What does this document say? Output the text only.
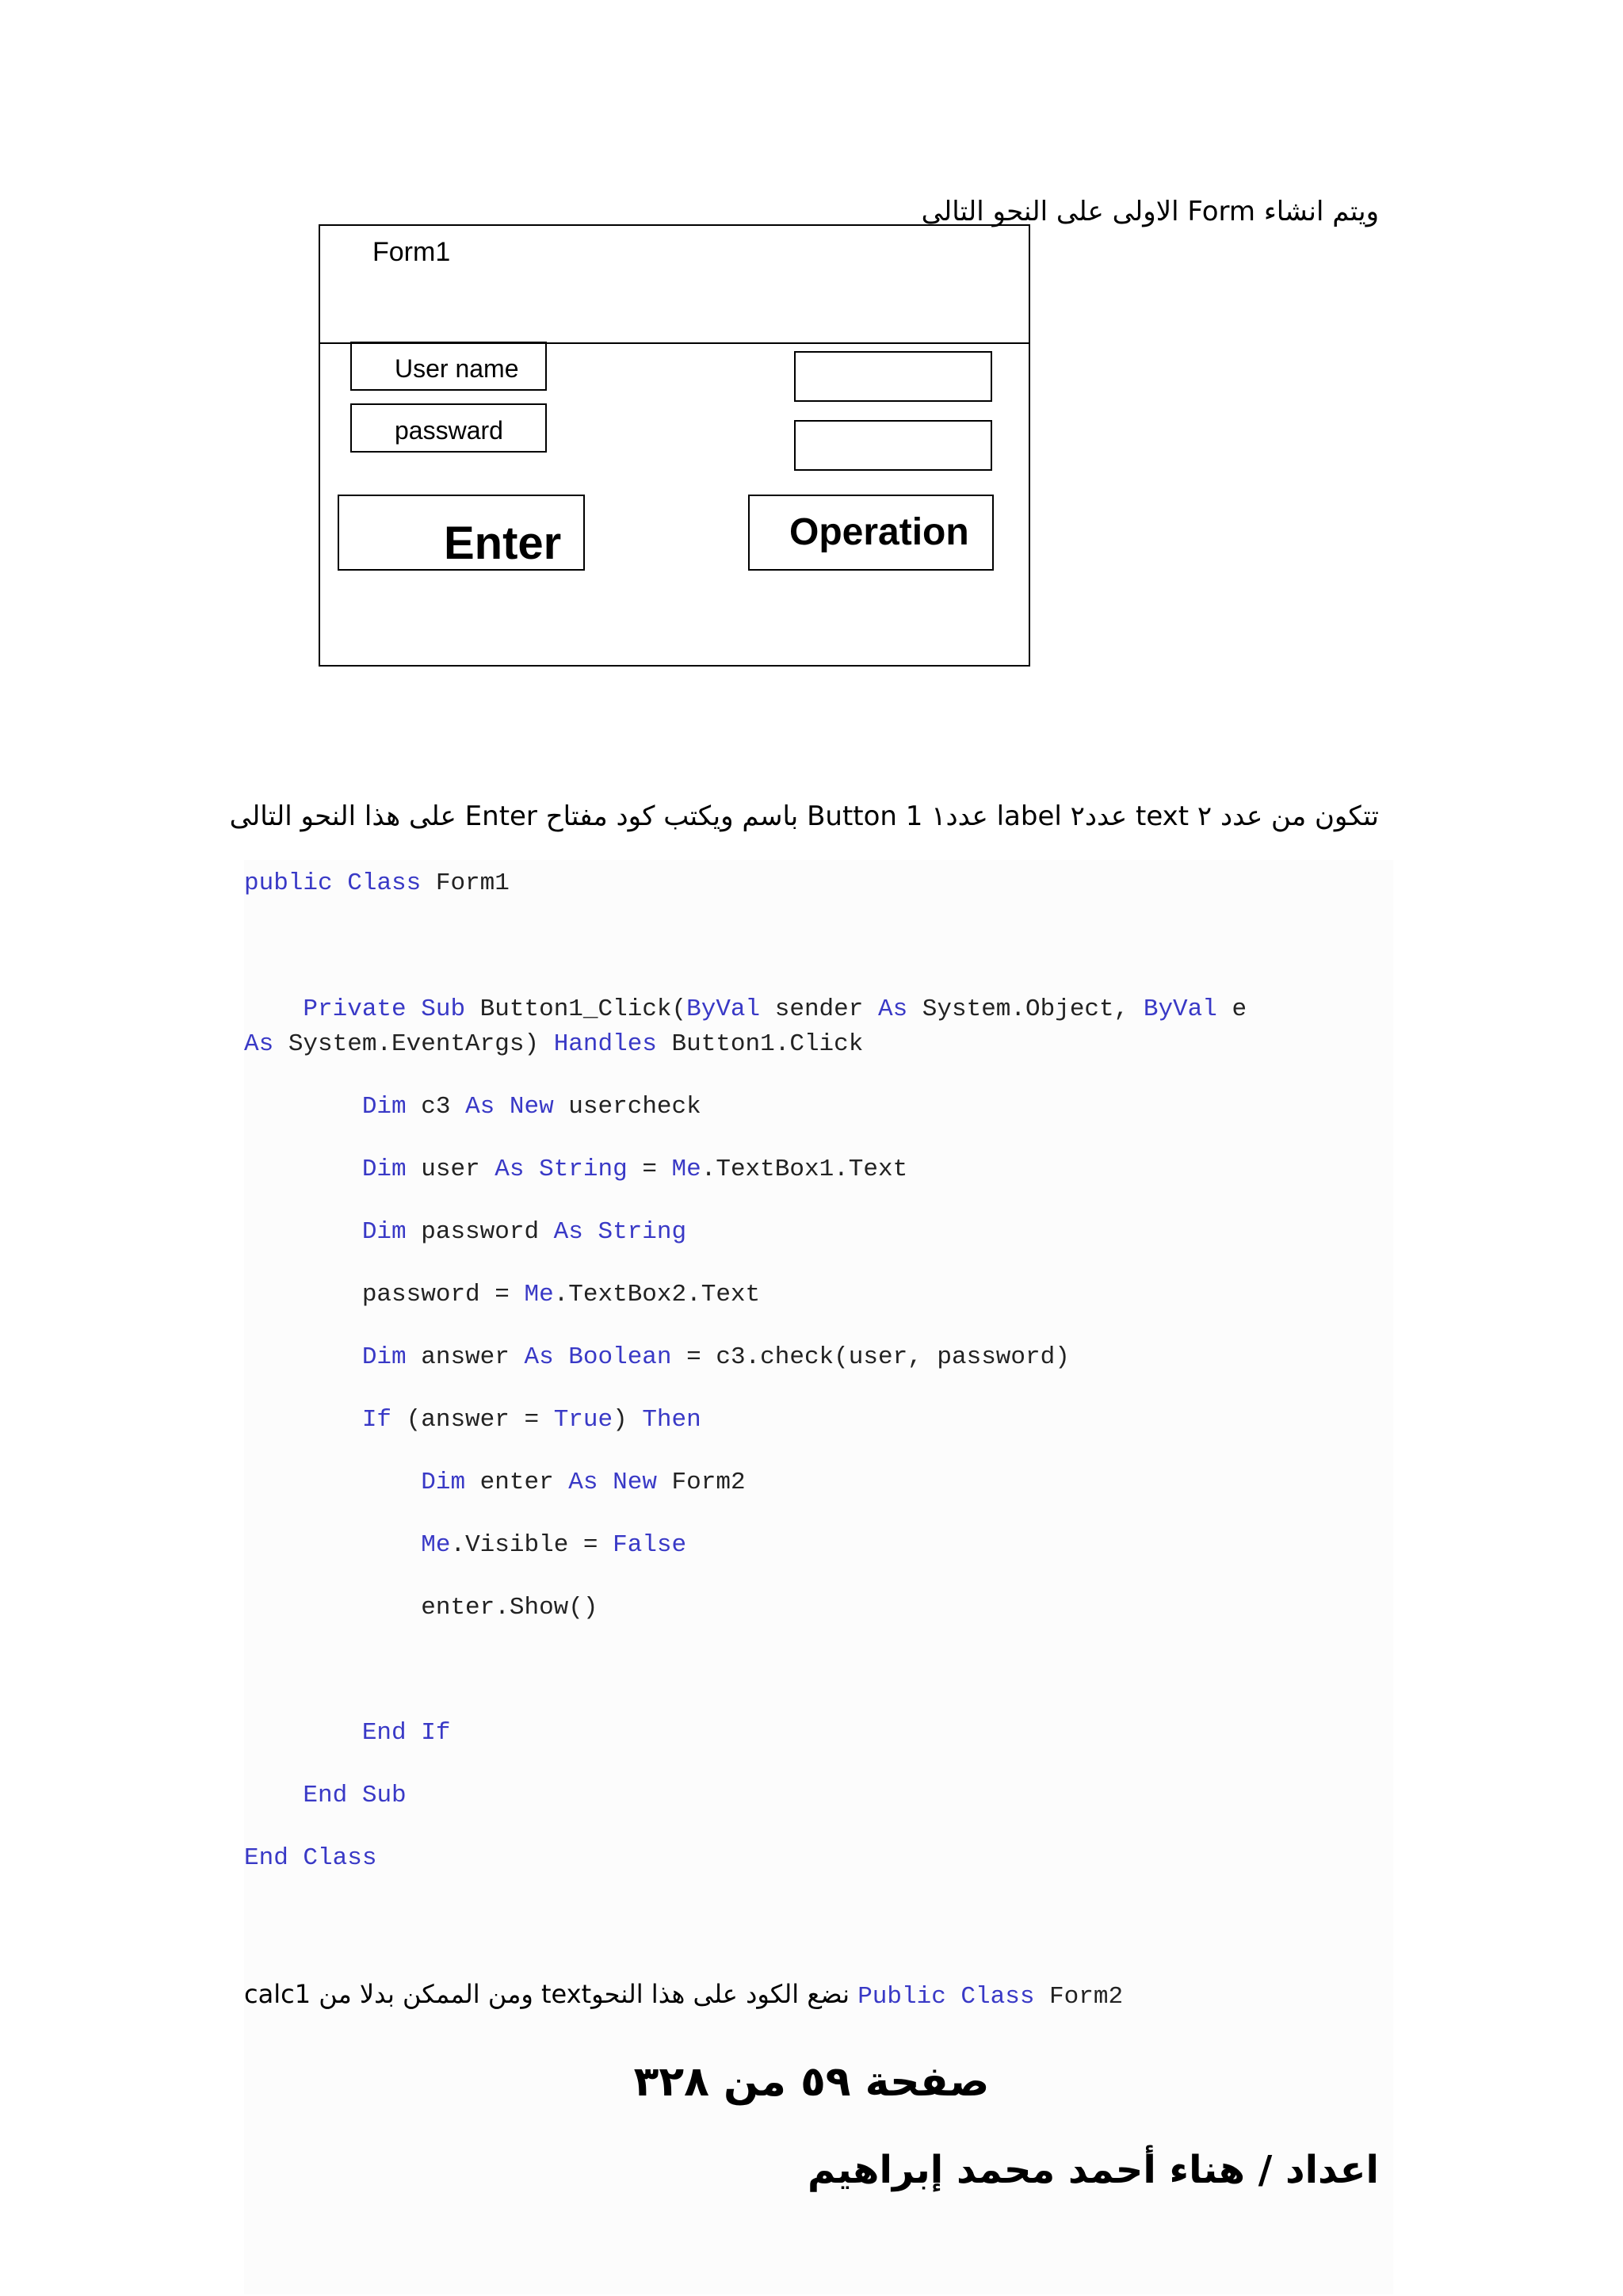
ويتم انشاء Form الاولى على النحو التالى
Form1
User name
passward
Enter	Operation
تتكون من عدد ٢ text عدد٢ label عدد١ Button 1 باسم ويكتب كود مفتاح Enter على هذا النحو التالى
public Class Form1
Private Sub Button1_Click(ByVal sender As System.Object, ByVal e
As System.EventArgs) Handles Button1.Click
Dim c3 As New usercheck
Dim user As String = Me.TextBox1.Text
Dim password As String
password = Me.TextBox2.Text
Dim answer As Boolean = c3.check(user, password)
If (answer = True) Then
Dim enter As New Form2
Me.Visible = False
enter.Show()
End If
End Sub
End Class
calc1 ومن الممكن بدلا من textنضع الكود على هذا النحو Public Class Form2
صفحة ٥٩ من ٣٢٨
اعداد / هناء أحمد محمد إبراهيم
